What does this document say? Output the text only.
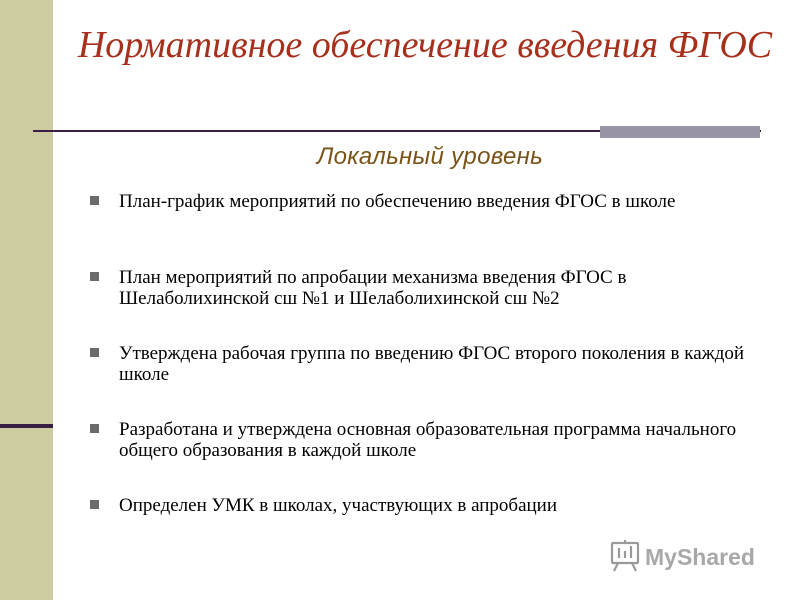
Нормативное обеспечение введения ФГОС
Локальный уровень
План-график мероприятий по обеспечению введения ФГОС в школе
План мероприятий по апробации механизма введения ФГОС в Шелаболихинской сш №1 и Шелаболихинской сш №2
Утверждена рабочая группа по введению ФГОС второго поколения в каждой школе
Разработана и утверждена основная образовательная программа начального общего образования в каждой школе
Определен УМК в школах, участвующих в апробации
MyShared
